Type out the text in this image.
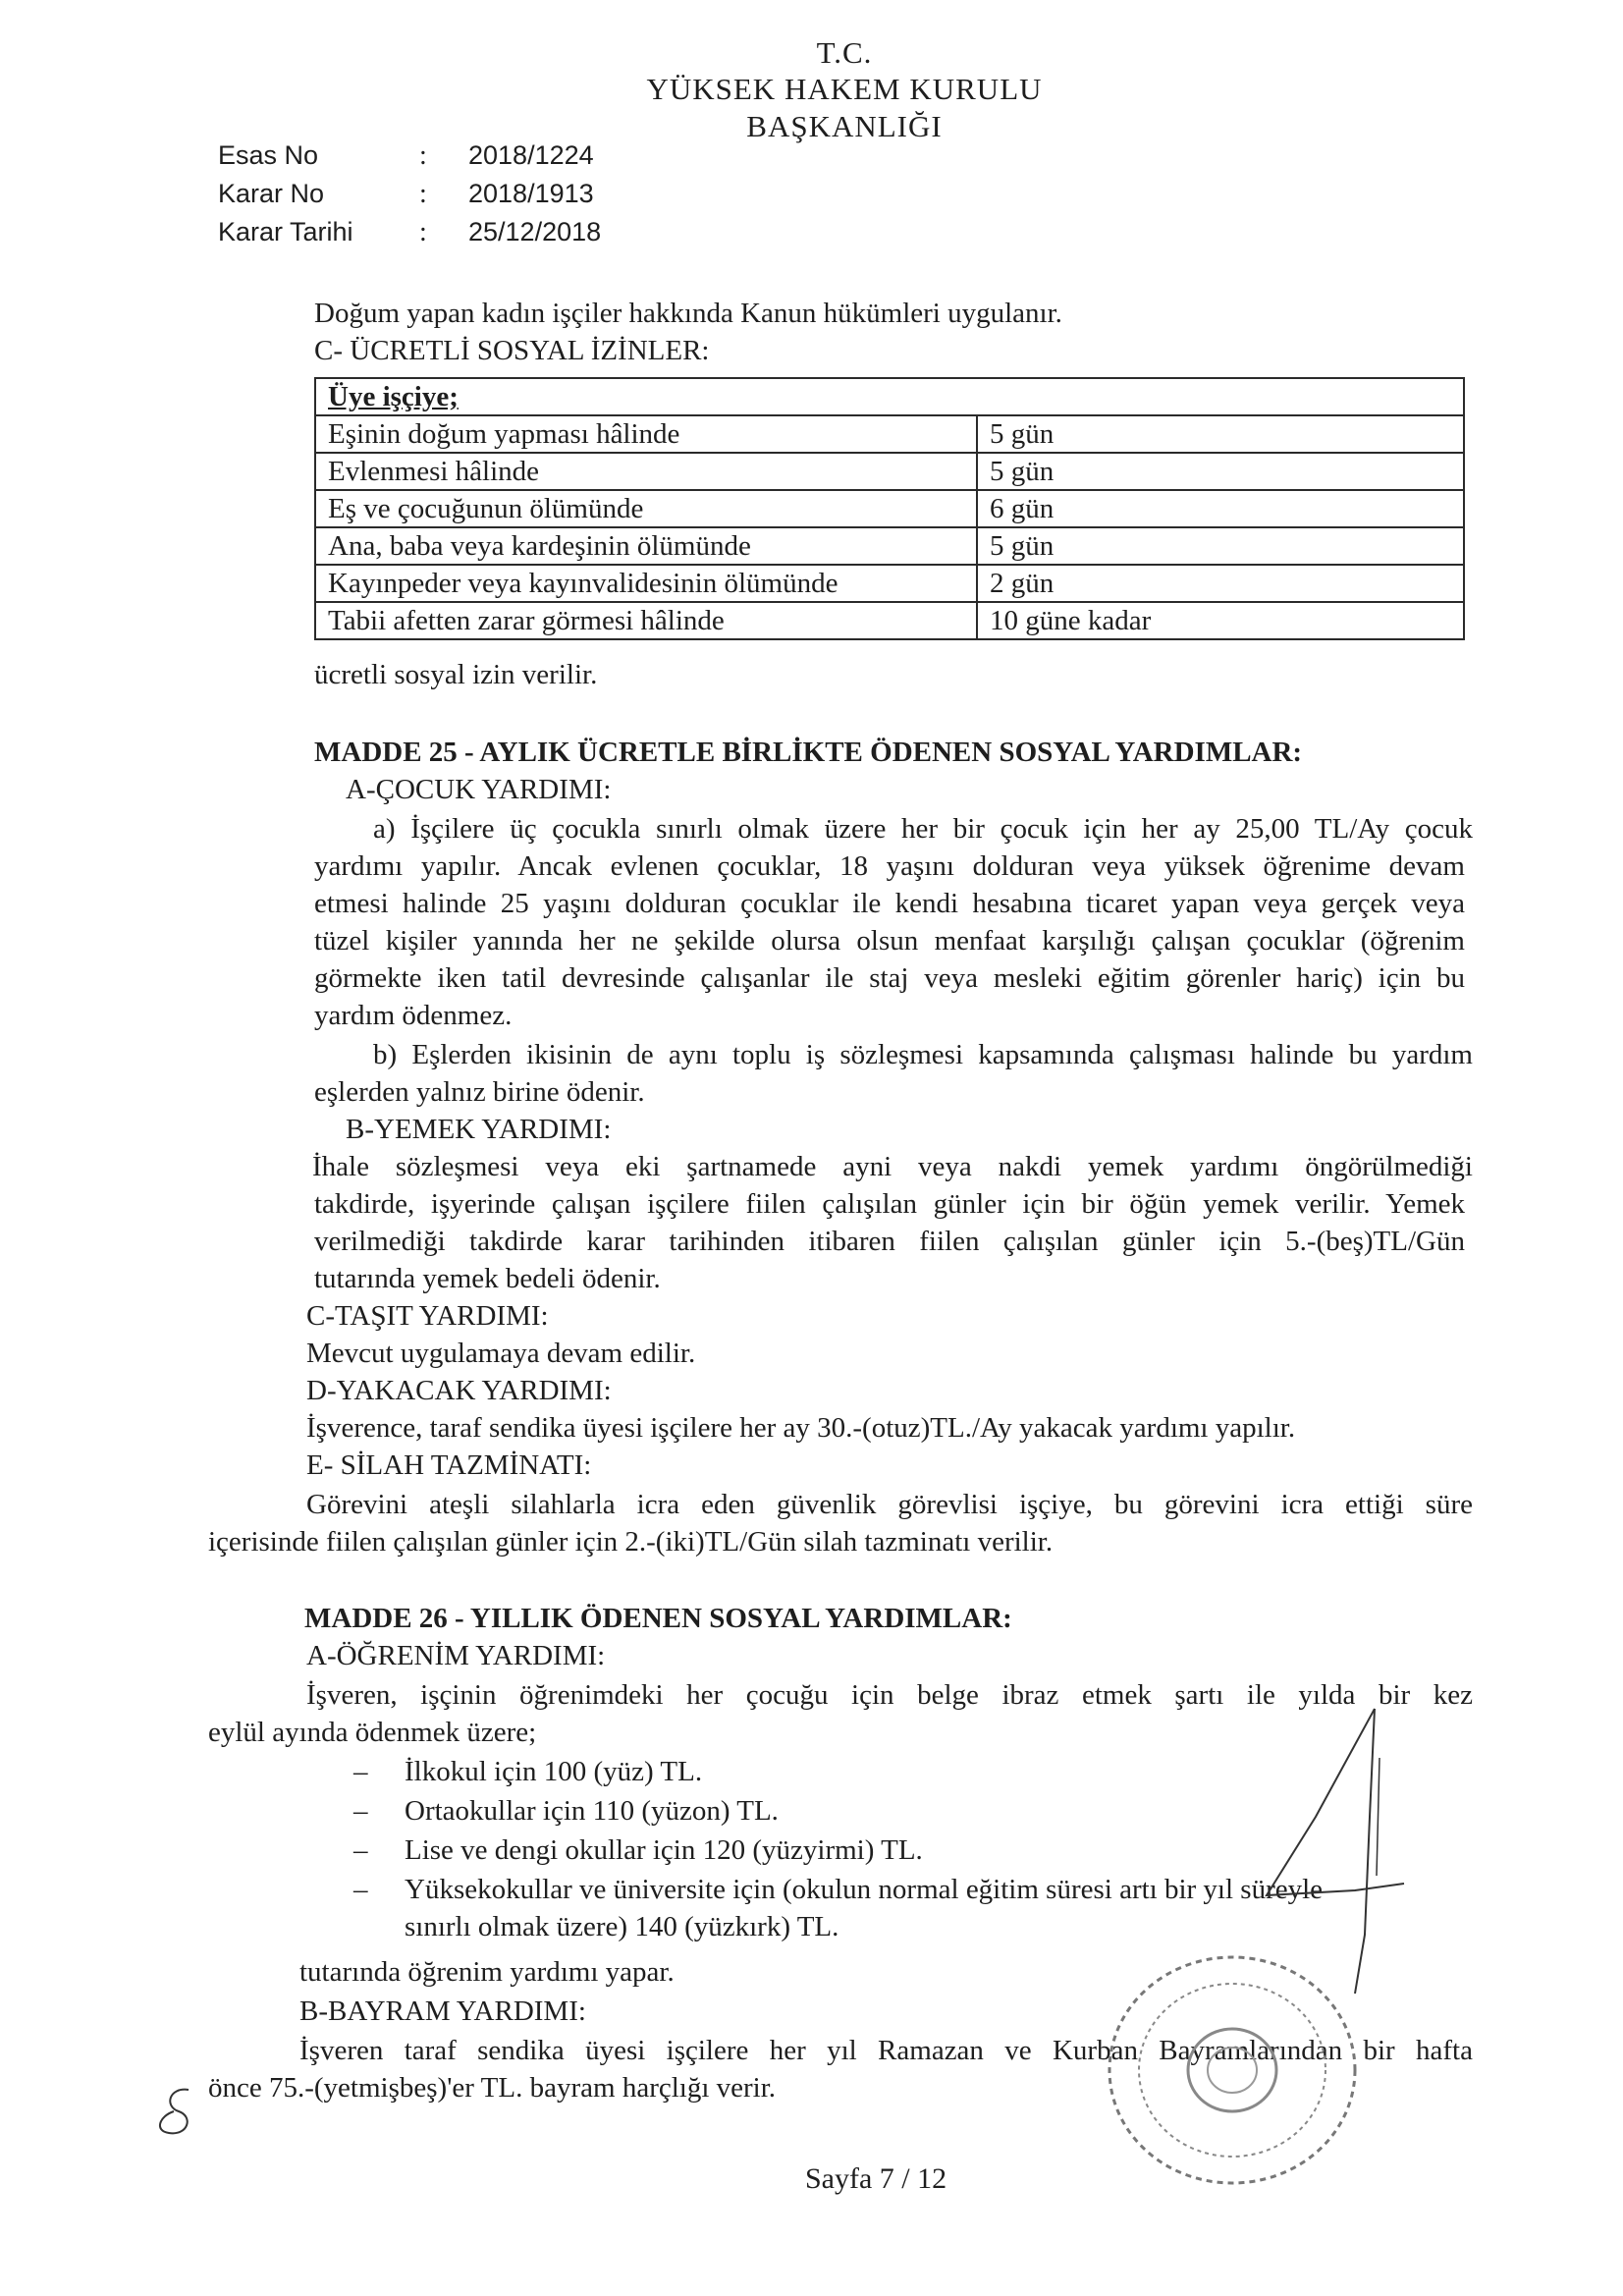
T.C.
YÜKSEK HAKEM KURULU
BAŞKANLIĞI
Esas No	: 2018/1224
Karar No	: 2018/1913
Karar Tarihi : 25/12/2018
Doğum yapan kadın işçiler hakkında Kanun hükümleri uygulanır.
C- ÜCRETLİ SOSYAL İZİNLER:
Üye işçiye;	
Eşinin doğum yapması hâlinde	5 gün
Evlenmesi hâlinde	5 gün
Eş ve çocuğunun ölümünde	6 gün
Ana, baba veya kardeşinin ölümünde	5 gün
Kayınpeder veya kayınvalidesinin ölümünde	2 gün
Tabii afetten zarar görmesi hâlinde	10 güne kadar
ücretli sosyal izin verilir.
MADDE 25 - AYLIK ÜCRETLE BİRLİKTE ÖDENEN SOSYAL YARDIMLAR:
A-ÇOCUK YARDIMI:
a) İşçilere üç çocukla sınırlı olmak üzere her bir çocuk için her ay 25,00 TL/Ay çocuk
yardımı yapılır. Ancak evlenen çocuklar, 18 yaşını dolduran veya yüksek öğrenime devam
etmesi halinde 25 yaşını dolduran çocuklar ile kendi hesabına ticaret yapan veya gerçek veya
tüzel kişiler yanında her ne şekilde olursa olsun menfaat karşılığı çalışan çocuklar (öğrenim
görmekte iken tatil devresinde çalışanlar ile staj veya mesleki eğitim görenler hariç) için bu
yardım ödenmez.
b) Eşlerden ikisinin de aynı toplu iş sözleşmesi kapsamında çalışması halinde bu yardım
eşlerden yalnız birine ödenir.
B-YEMEK YARDIMI:
İhale sözleşmesi veya eki şartnamede ayni veya nakdi yemek yardımı öngörülmediği
takdirde, işyerinde çalışan işçilere fiilen çalışılan günler için bir öğün yemek verilir. Yemek
verilmediği takdirde karar tarihinden itibaren fiilen çalışılan günler için 5.-(beş)TL/Gün
tutarında yemek bedeli ödenir.
C-TAŞIT YARDIMI:
Mevcut uygulamaya devam edilir.
D-YAKACAK YARDIMI:
İşverence, taraf sendika üyesi işçilere her ay 30.-(otuz)TL./Ay yakacak yardımı yapılır.
E- SİLAH TAZMİNATI:
Görevini ateşli silahlarla icra eden güvenlik görevlisi işçiye, bu görevini icra ettiği süre
içerisinde fiilen çalışılan günler için 2.-(iki)TL/Gün silah tazminatı verilir.
MADDE 26 - YILLIK ÖDENEN SOSYAL YARDIMLAR:
A-ÖĞRENİM YARDIMI:
İşveren, işçinin öğrenimdeki her çocuğu için belge ibraz etmek şartı ile yılda bir kez
eylül ayında ödenmek üzere;
– İlkokul için 100 (yüz) TL.
– Ortaokullar için 110 (yüzon) TL.
– Lise ve dengi okullar için 120 (yüzyirmi) TL.
– Yüksekokullar ve üniversite için (okulun normal eğitim süresi artı bir yıl süreyle
sınırlı olmak üzere) 140 (yüzkırk) TL.
tutarında öğrenim yardımı yapar.
B-BAYRAM YARDIMI:
İşveren taraf sendika üyesi işçilere her yıl Ramazan ve Kurban Bayramlarından bir hafta
önce 75.-(yetmişbeş)'er TL. bayram harçlığı verir.
Sayfa 7 / 12
